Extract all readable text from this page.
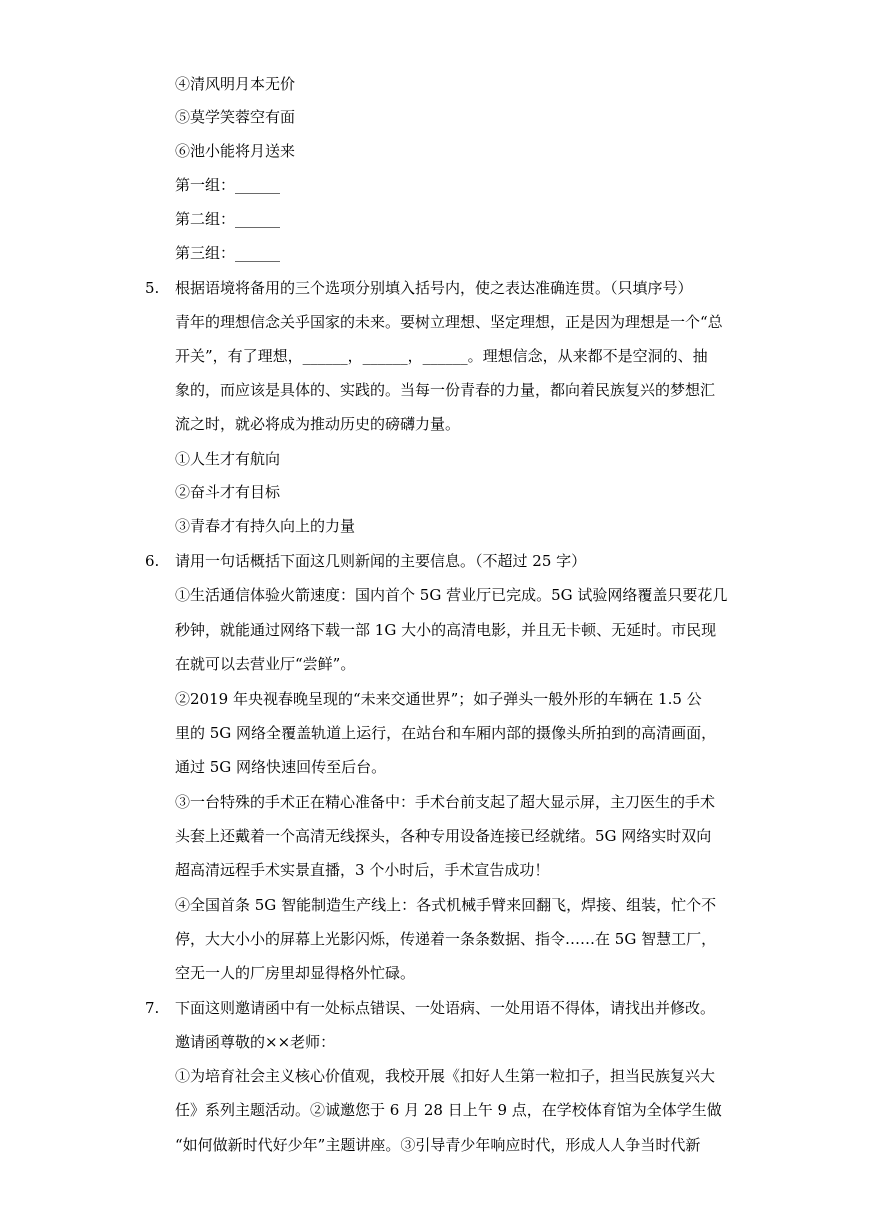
④清风明月本无价
⑤莫学笑蓉空有面
⑥池小能将月送来
第一组：______
第二组：______
第三组：______
5. 根据语境将备用的三个选项分别填入括号内，使之表达准确连贯。（只填序号）
青年的理想信念关乎国家的未来。要树立理想、坚定理想，正是因为理想是一个“总
开关”，有了理想，______，______，______。理想信念，从来都不是空洞的、抽
象的，而应该是具体的、实践的。当每一份青春的力量，都向着民族复兴的梦想汇
流之时，就必将成为推动历史的磅礴力量。
①人生才有航向
②奋斗才有目标
③青春才有持久向上的力量
6. 请用一句话概括下面这几则新闻的主要信息。（不超过 25 字）
①生活通信体验火箭速度：国内首个 5G 营业厅已完成。5G 试验网络覆盖只要花几
秒钟，就能通过网络下载一部 1G 大小的高清电影，并且无卡顿、无延时。市民现
在就可以去营业厅“尝鲜”。
②2019 年央视春晚呈现的“未来交通世界”；如子弹头一般外形的车辆在 1.5 公
里的 5G 网络全覆盖轨道上运行，在站台和车厢内部的摄像头所拍到的高清画面，
通过 5G 网络快速回传至后台。
③一台特殊的手术正在精心准备中：手术台前支起了超大显示屏，主刀医生的手术
头套上还戴着一个高清无线探头，各种专用设备连接已经就绪。5G 网络实时双向
超高清远程手术实景直播，3 个小时后，手术宣告成功！
④全国首条 5G 智能制造生产线上：各式机械手臂来回翻飞，焊接、组装，忙个不
停，大大小小的屏幕上光影闪烁，传递着一条条数据、指令……在 5G 智慧工厂，
空无一人的厂房里却显得格外忙碌。
7. 下面这则邀请函中有一处标点错误、一处语病、一处用语不得体，请找出并修改。
邀请函尊敬的××老师：
①为培育社会主义核心价值观，我校开展《扣好人生第一粒扣子，担当民族复兴大
任》系列主题活动。②诚邀您于 6 月 28 日上午 9 点，在学校体育馆为全体学生做
“如何做新时代好少年”主题讲座。③引导青少年响应时代，形成人人争当时代新
